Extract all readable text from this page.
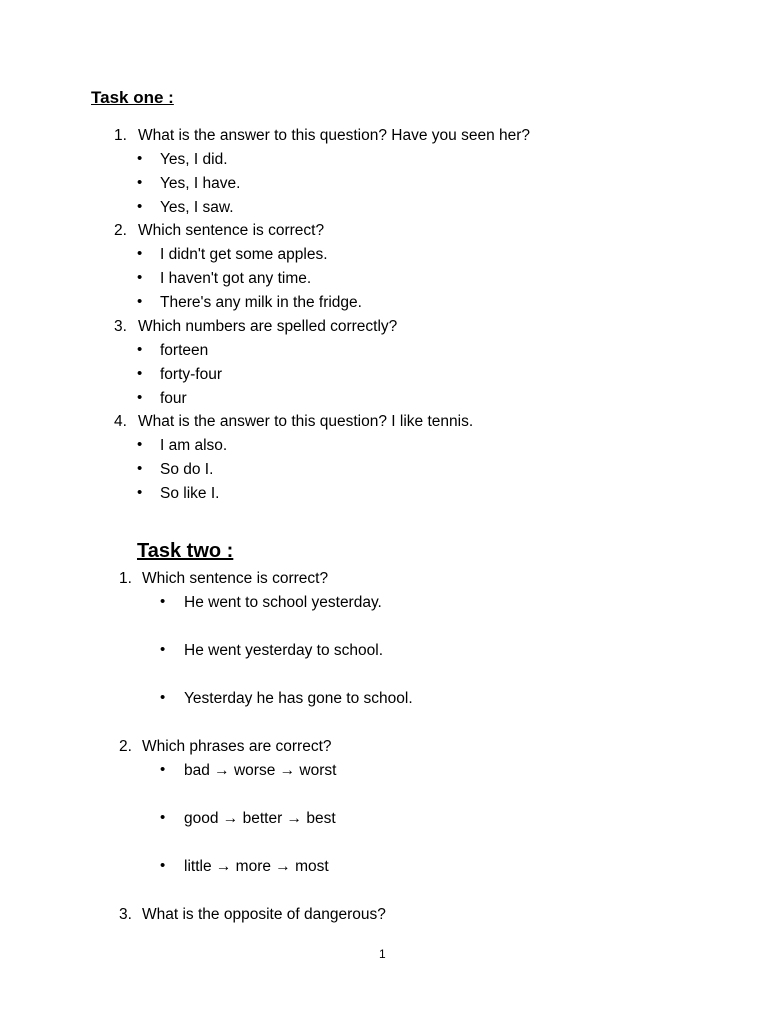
Task one :
1. What is the answer to this question? Have you seen her?
• Yes, I did.
• Yes, I have.
• Yes, I saw.
2. Which sentence is correct?
• I didn't get some apples.
• I haven't got any time.
• There's any milk in the fridge.
3. Which numbers are spelled correctly?
• forteen
• forty-four
• four
4. What is the answer to this question? I like tennis.
• I am also.
• So do I.
• So like I.
Task two :
1. Which sentence is correct?
• He went to school yesterday.
• He went yesterday to school.
• Yesterday he has gone to school.
2. Which phrases are correct?
• bad → worse → worst
• good → better → best
• little → more → most
3. What is the opposite of dangerous?
1
